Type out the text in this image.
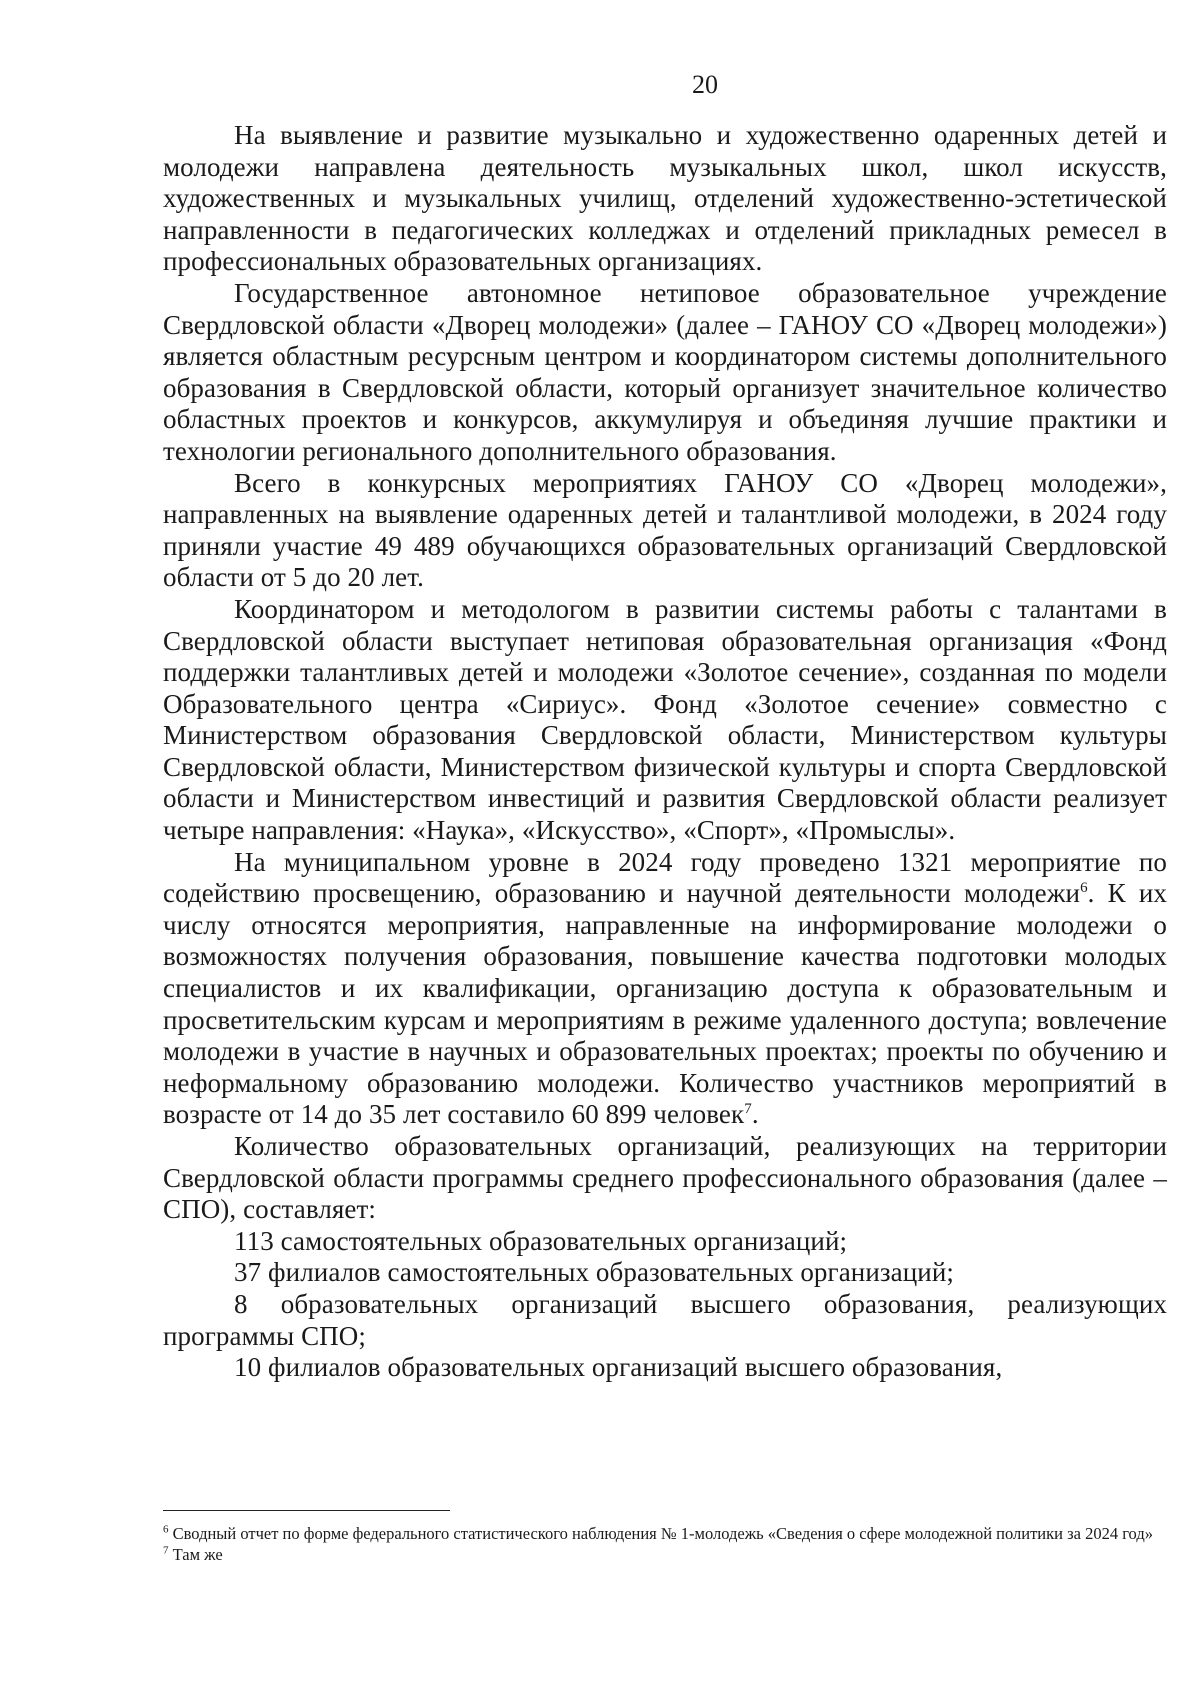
20

На выявление и развитие музыкально и художественно одаренных детей и молодежи направлена деятельность музыкальных школ, школ искусств, художественных и музыкальных училищ, отделений художественно-эстетической направленности в педагогических колледжах и отделений прикладных ремесел в профессиональных образовательных организациях.

Государственное автономное нетиповое образовательное учреждение Свердловской области «Дворец молодежи» (далее – ГАНОУ СО «Дворец молодежи») является областным ресурсным центром и координатором системы дополнительного образования в Свердловской области, который организует значительное количество областных проектов и конкурсов, аккумулируя и объединяя лучшие практики и технологии регионального дополнительного образования.

Всего в конкурсных мероприятиях ГАНОУ СО «Дворец молодежи», направленных на выявление одаренных детей и талантливой молодежи, в 2024 году приняли участие 49 489 обучающихся образовательных организаций Свердловской области от 5 до 20 лет.

Координатором и методологом в развитии системы работы с талантами в Свердловской области выступает нетиповая образовательная организация «Фонд поддержки талантливых детей и молодежи «Золотое сечение», созданная по модели Образовательного центра «Сириус». Фонд «Золотое сечение» совместно с Министерством образования Свердловской области, Министерством культуры Свердловской области, Министерством физической культуры и спорта Свердловской области и Министерством инвестиций и развития Свердловской области реализует четыре направления: «Наука», «Искусство», «Спорт», «Промыслы».

На муниципальном уровне в 2024 году проведено 1321 мероприятие по содействию просвещению, образованию и научной деятельности молодежи$^6$. К их числу относятся мероприятия, направленные на информирование молодежи о возможностях получения образования, повышение качества подготовки молодых специалистов и их квалификации, организацию доступа к образовательным и просветительским курсам и мероприятиям в режиме удаленного доступа; вовлечение молодежи в участие в научных и образовательных проектах; проекты по обучению и неформальному образованию молодежи. Количество участников мероприятий в возрасте от 14 до 35 лет составило 60 899 человек$^7$.

Количество образовательных организаций, реализующих на территории Свердловской области программы среднего профессионального образования (далее – СПО), составляет:

113 самостоятельных образовательных организаций;

37 филиалов самостоятельных образовательных организаций;

8 образовательных организаций высшего образования, реализующих программы СПО;

10 филиалов образовательных организаций высшего образования,

$^6$ Сводный отчет по форме федерального статистического наблюдения № 1-молодежь «Сведения о сфере молодежной политики за 2024 год»

$^7$ Там же
